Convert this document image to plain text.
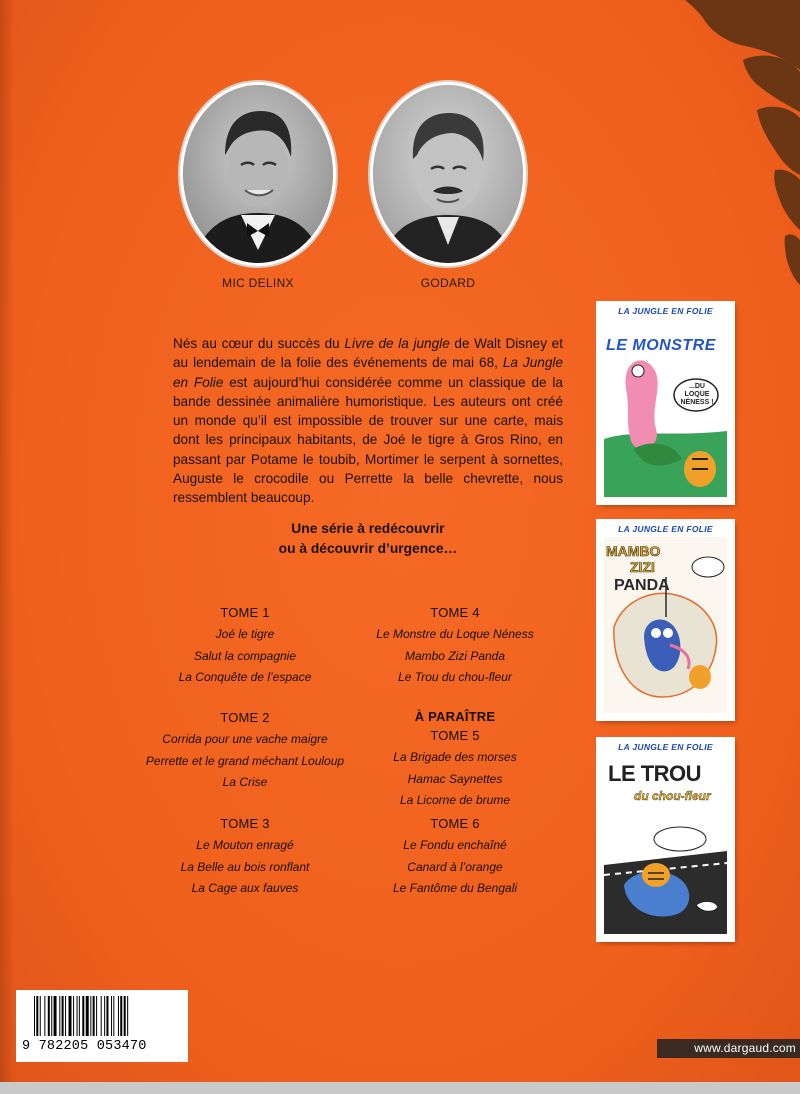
MIC DELINX	GODARD
Nés au cœur du succès du Livre de la jungle de Walt Disney et au lendemain de la folie des événements de mai 68, La Jungle en Folie est aujourd’hui considérée comme un classique de la bande dessinée animalière humoristique. Les auteurs ont créé un monde qu’il est impossible de trouver sur une carte, mais dont les principaux habitants, de Joé le tigre à Gros Rino, en passant par Potame le toubib, Mortimer le serpent à sornettes, Auguste le crocodile ou Perrette la belle chevrette, nous ressemblent beaucoup.
Une série à redécouvrir
ou à découvrir d’urgence…
TOME 1
Joé le tigre
Salut la compagnie
La Conquête de l’espace
TOME 2
Corrida pour une vache maigre
Perrette et le grand méchant Louloup
La Crise
TOME 3
Le Mouton enragé
La Belle au bois ronflant
La Cage aux fauves
TOME 4
Le Monstre du Loque Néness
Mambo Zizi Panda
Le Trou du chou-fleur
À PARAÎTRE
TOME 5
La Brigade des morses
Hamac Saynettes
La Licorne de brume
TOME 6
Le Fondu enchaîné
Canard à l’orange
Le Fantôme du Bengali
LA JUNGLE EN FOLIE
LE MONSTRE
...DU LOQUE NÉNESS !
LA JUNGLE EN FOLIE
MAMBO
ZIZI
PANDA
LA JUNGLE EN FOLIE
LE TROU
du chou-fleur
9 782205 053470	www.dargaud.com
